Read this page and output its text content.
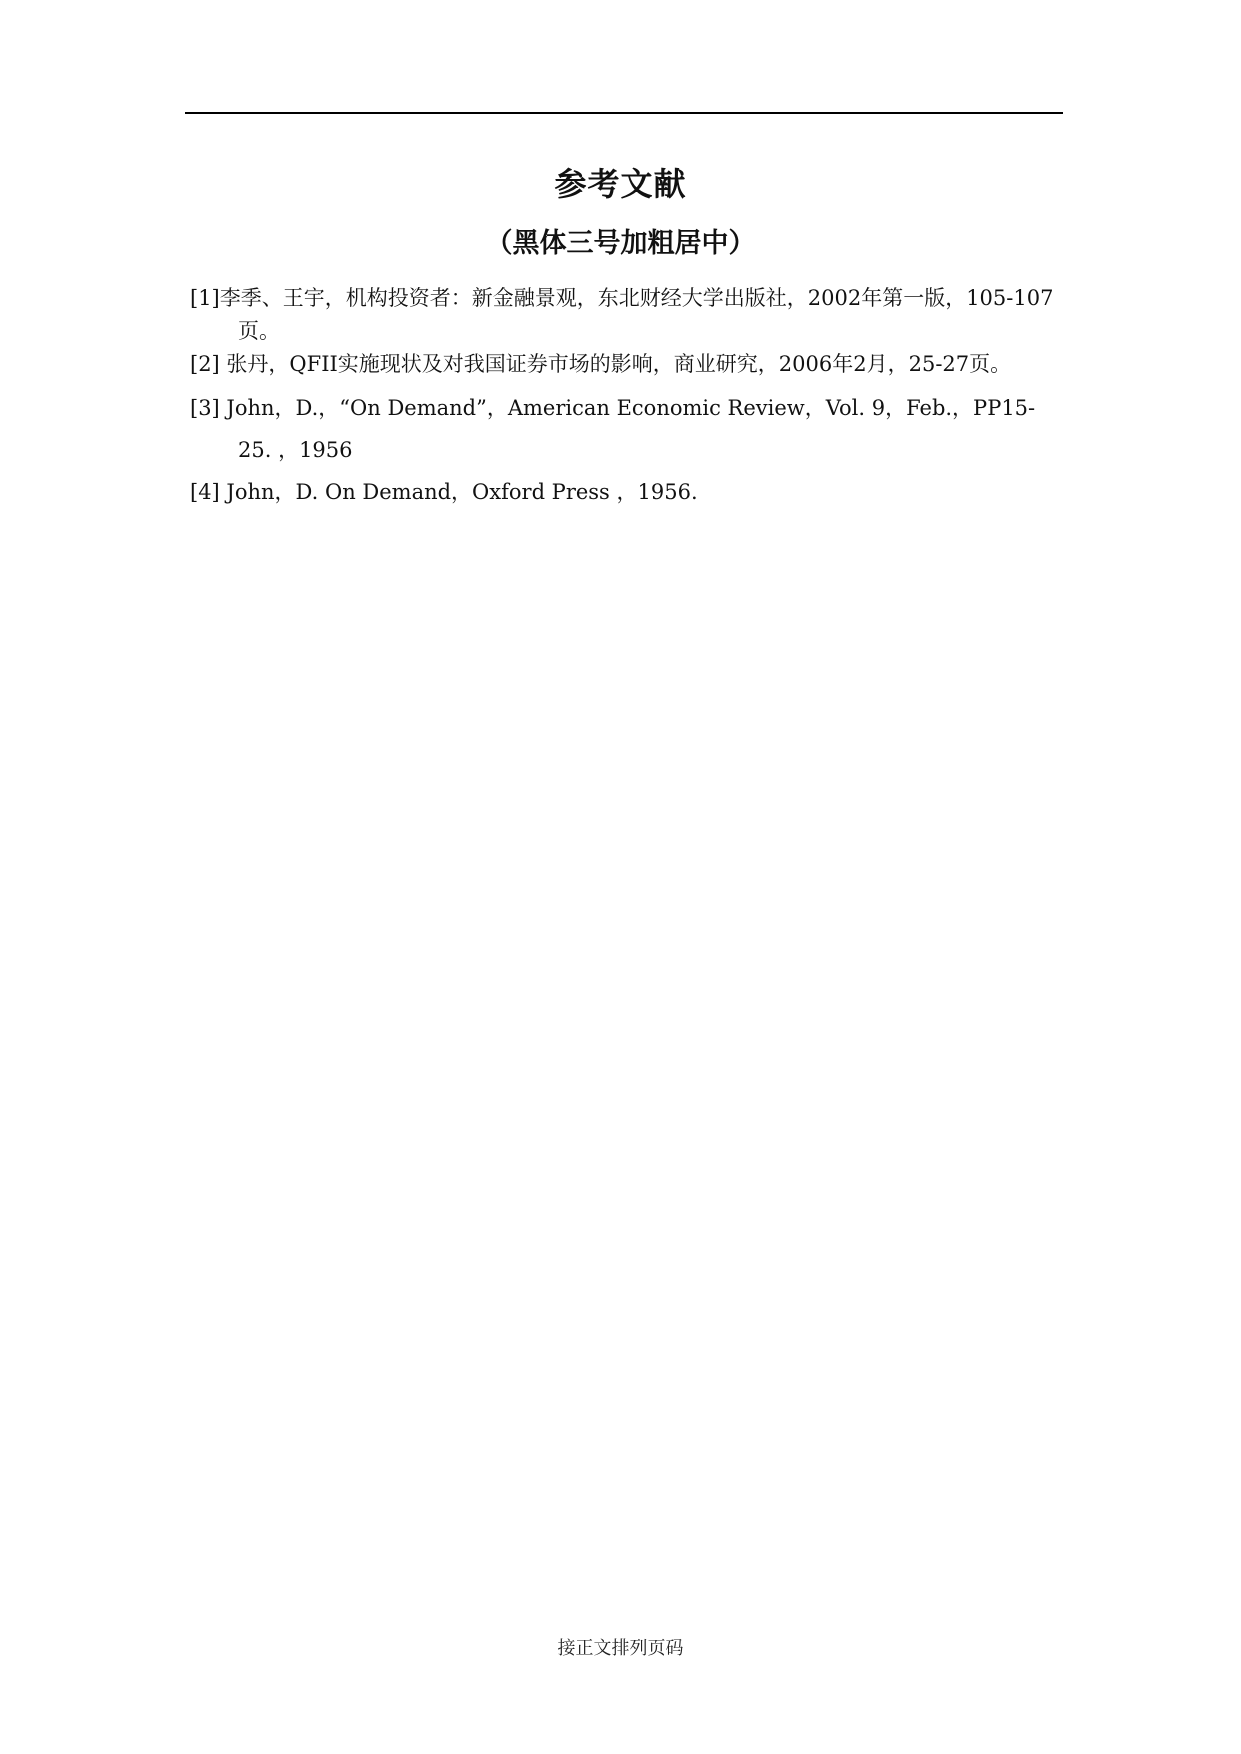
参考文献
（黑体三号加粗居中）
[1]李季、王宇，机构投资者：新金融景观，东北财经大学出版社，2002年第一版，105-107页。
[2] 张丹，QFII实施现状及对我国证券市场的影响，商业研究，2006年2月，25-27页。
[3] John，D.，“On Demand”，American Economic Review，Vol. 9，Feb.，PP15-25. ，1956
[4] John，D. On Demand，Oxford Press ，1956.
接正文排列页码
